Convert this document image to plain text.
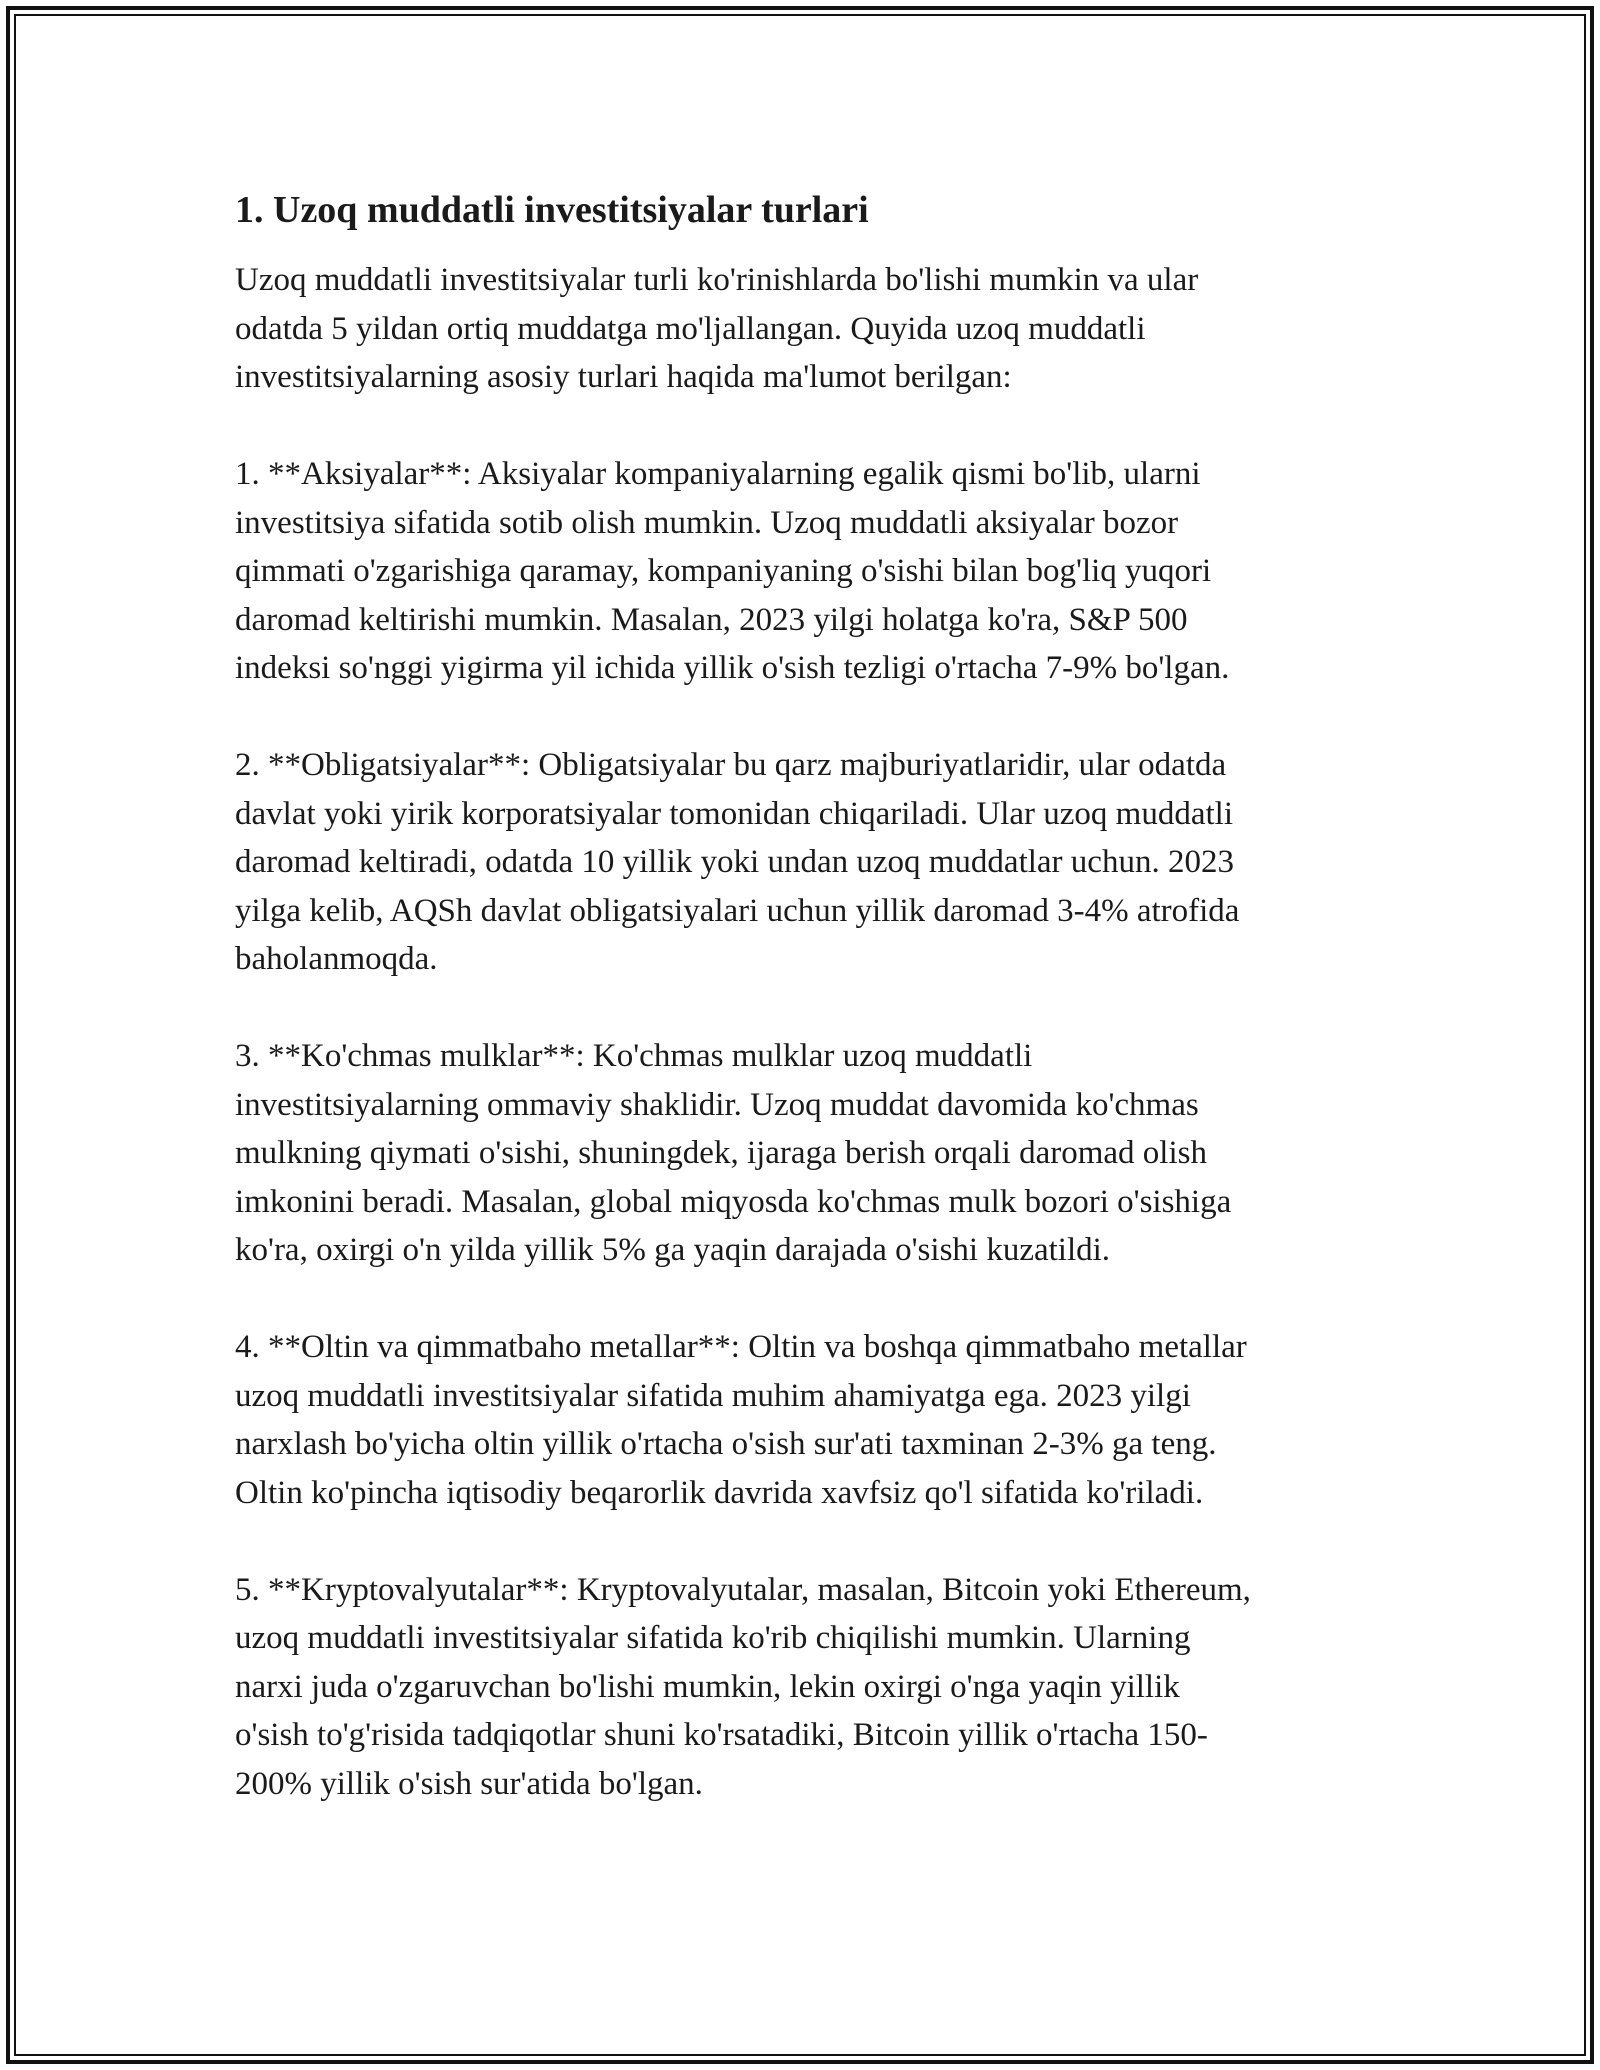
1. Uzoq muddatli investitsiyalar turlari

Uzoq muddatli investitsiyalar turli ko'rinishlarda bo'lishi mumkin va ular
odatda 5 yildan ortiq muddatga mo'ljallangan. Quyida uzoq muddatli
investitsiyalarning asosiy turlari haqida ma'lumot berilgan:

1. **Aksiyalar**: Aksiyalar kompaniyalarning egalik qismi bo'lib, ularni
investitsiya sifatida sotib olish mumkin. Uzoq muddatli aksiyalar bozor
qimmati o'zgarishiga qaramay, kompaniyaning o'sishi bilan bog'liq yuqori
daromad keltirishi mumkin. Masalan, 2023 yilgi holatga ko'ra, S&P 500
indeksi so'nggi yigirma yil ichida yillik o'sish tezligi o'rtacha 7-9% bo'lgan.

2. **Obligatsiyalar**: Obligatsiyalar bu qarz majburiyatlaridir, ular odatda
davlat yoki yirik korporatsiyalar tomonidan chiqariladi. Ular uzoq muddatli
daromad keltiradi, odatda 10 yillik yoki undan uzoq muddatlar uchun. 2023
yilga kelib, AQSh davlat obligatsiyalari uchun yillik daromad 3-4% atrofida
baholanmoqda.

3. **Ko'chmas mulklar**: Ko'chmas mulklar uzoq muddatli
investitsiyalarning ommaviy shaklidir. Uzoq muddat davomida ko'chmas
mulkning qiymati o'sishi, shuningdek, ijaraga berish orqali daromad olish
imkonini beradi. Masalan, global miqyosda ko'chmas mulk bozori o'sishiga
ko'ra, oxirgi o'n yilda yillik 5% ga yaqin darajada o'sishi kuzatildi.

4. **Oltin va qimmatbaho metallar**: Oltin va boshqa qimmatbaho metallar
uzoq muddatli investitsiyalar sifatida muhim ahamiyatga ega. 2023 yilgi
narxlash bo'yicha oltin yillik o'rtacha o'sish sur'ati taxminan 2-3% ga teng.
Oltin ko'pincha iqtisodiy beqarorlik davrida xavfsiz qo'l sifatida ko'riladi.

5. **Kryptovalyutalar**: Kryptovalyutalar, masalan, Bitcoin yoki Ethereum,
uzoq muddatli investitsiyalar sifatida ko'rib chiqilishi mumkin. Ularning
narxi juda o'zgaruvchan bo'lishi mumkin, lekin oxirgi o'nga yaqin yillik
o'sish to'g'risida tadqiqotlar shuni ko'rsatadiki, Bitcoin yillik o'rtacha 150-
200% yillik o'sish sur'atida bo'lgan.
